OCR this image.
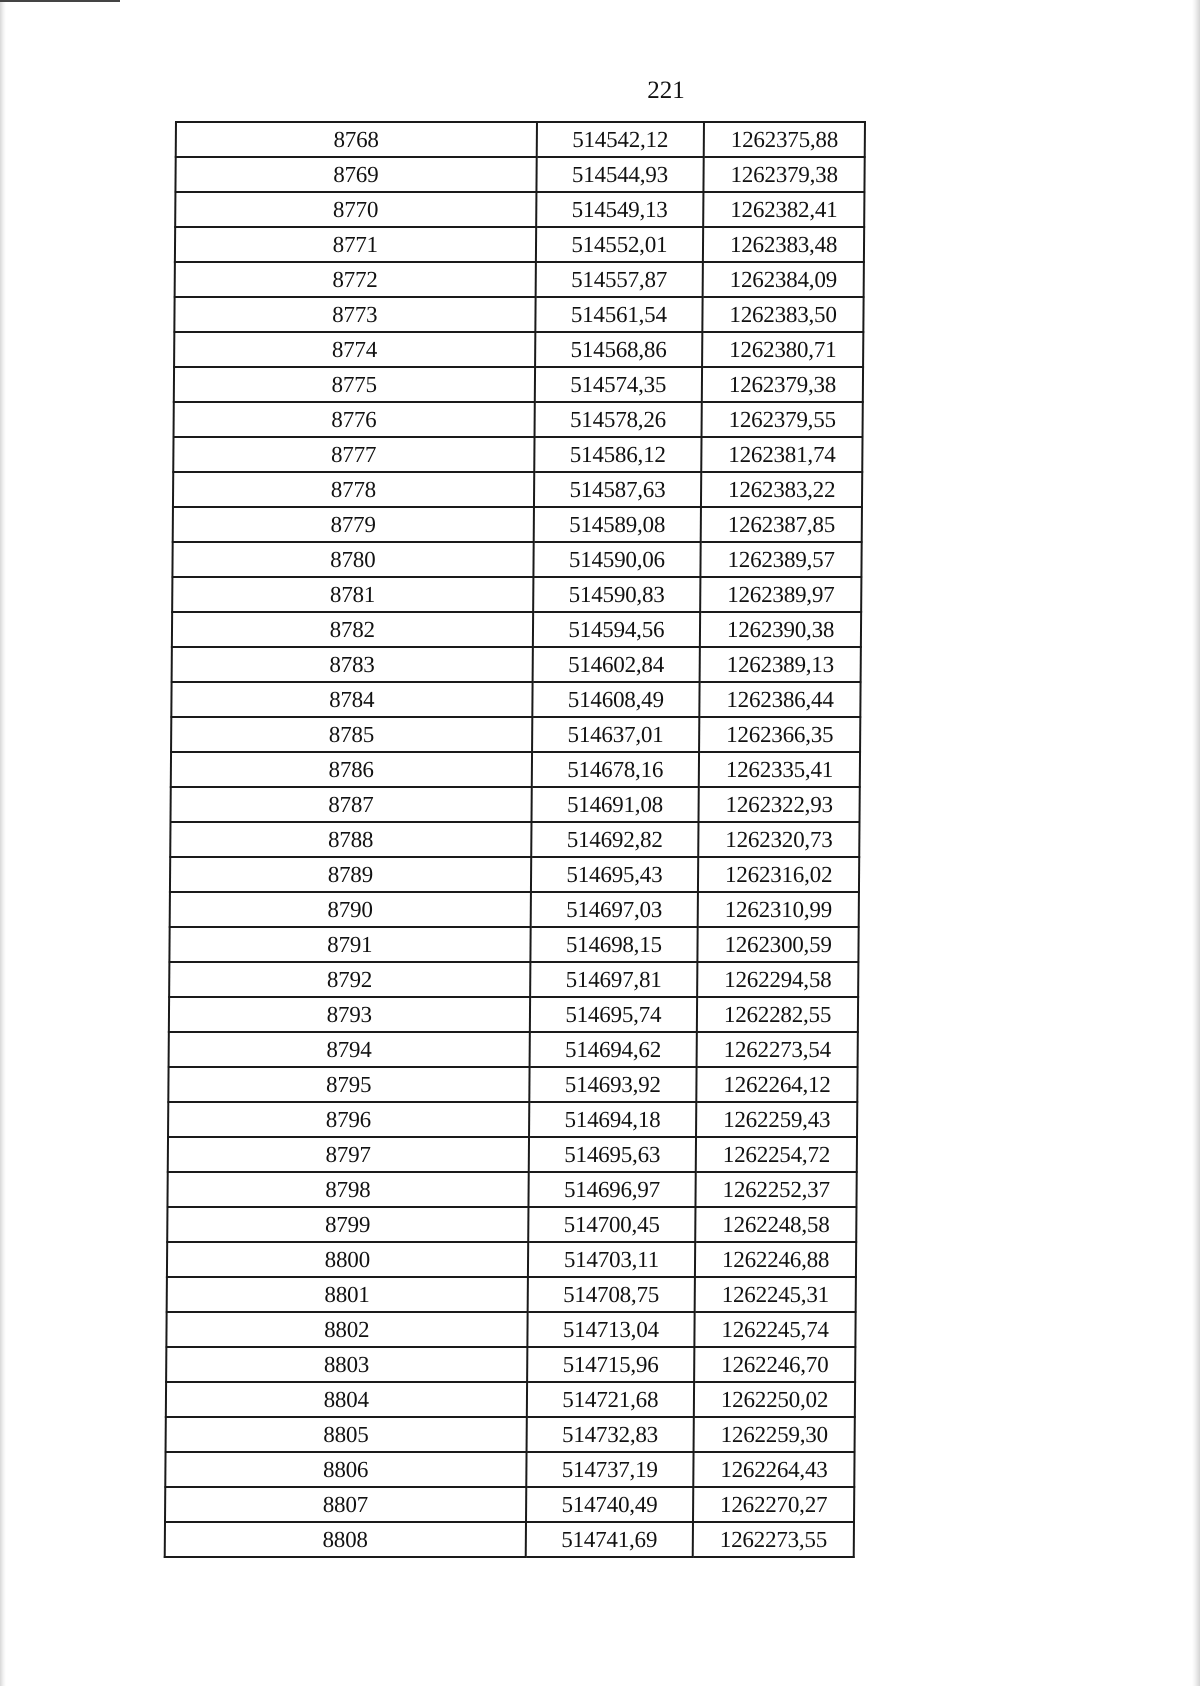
221
8768	514542,12	1262375,88
8769	514544,93	1262379,38
8770	514549,13	1262382,41
8771	514552,01	1262383,48
8772	514557,87	1262384,09
8773	514561,54	1262383,50
8774	514568,86	1262380,71
8775	514574,35	1262379,38
8776	514578,26	1262379,55
8777	514586,12	1262381,74
8778	514587,63	1262383,22
8779	514589,08	1262387,85
8780	514590,06	1262389,57
8781	514590,83	1262389,97
8782	514594,56	1262390,38
8783	514602,84	1262389,13
8784	514608,49	1262386,44
8785	514637,01	1262366,35
8786	514678,16	1262335,41
8787	514691,08	1262322,93
8788	514692,82	1262320,73
8789	514695,43	1262316,02
8790	514697,03	1262310,99
8791	514698,15	1262300,59
8792	514697,81	1262294,58
8793	514695,74	1262282,55
8794	514694,62	1262273,54
8795	514693,92	1262264,12
8796	514694,18	1262259,43
8797	514695,63	1262254,72
8798	514696,97	1262252,37
8799	514700,45	1262248,58
8800	514703,11	1262246,88
8801	514708,75	1262245,31
8802	514713,04	1262245,74
8803	514715,96	1262246,70
8804	514721,68	1262250,02
8805	514732,83	1262259,30
8806	514737,19	1262264,43
8807	514740,49	1262270,27
8808	514741,69	1262273,55
